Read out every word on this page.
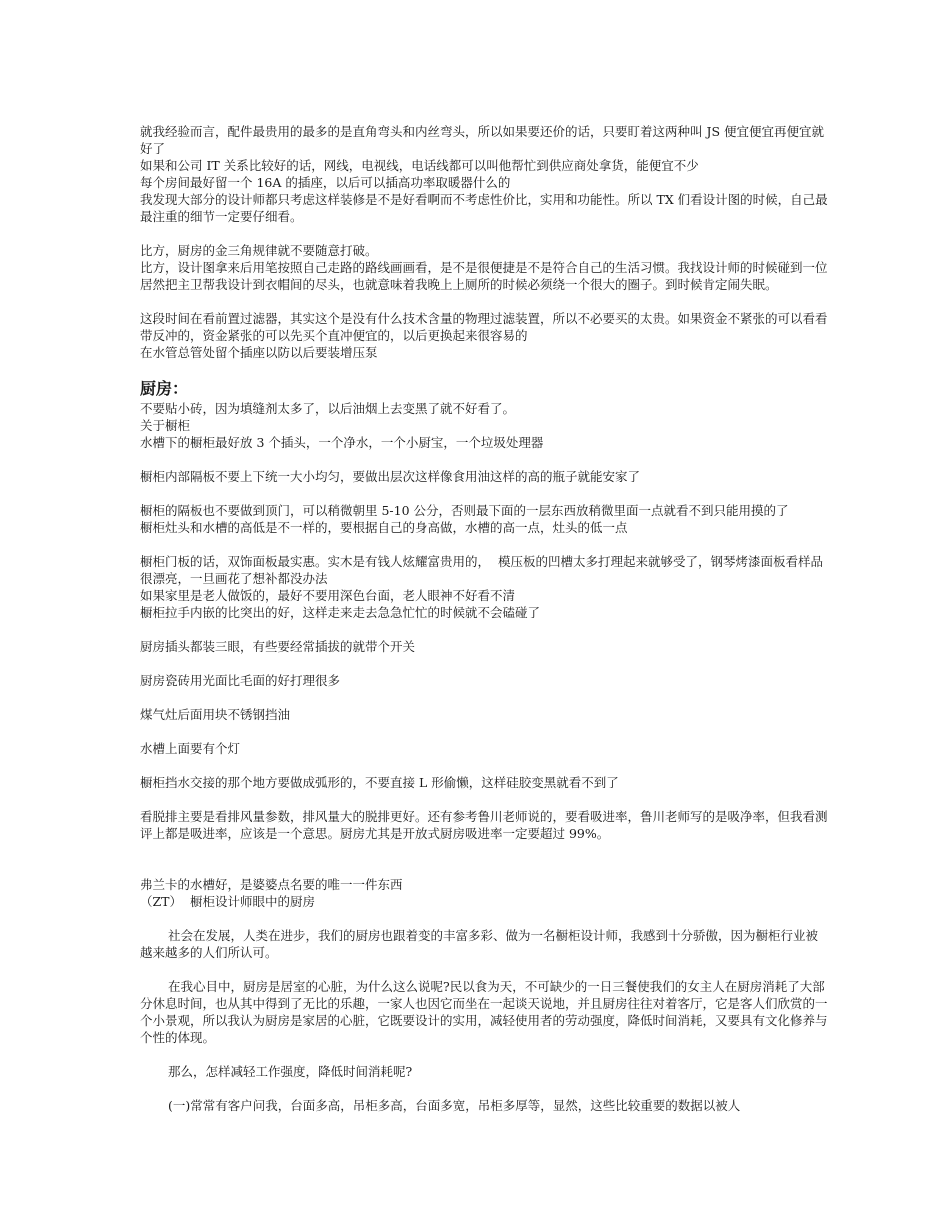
就我经验而言，配件最贵用的最多的是直角弯头和内丝弯头，所以如果要还价的话，只要盯着这两种叫 JS 便宜便宜再便宜就好了

如果和公司 IT 关系比较好的话，网线，电视线，电话线都可以叫他帮忙到供应商处拿货，能便宜不少

每个房间最好留一个 16A 的插座，以后可以插高功率取暖器什么的

我发现大部分的设计师都只考虑这样装修是不是好看啊而不考虑性价比，实用和功能性。所以 TX 们看设计图的时候，自己最最注重的细节一定要仔细看。

比方，厨房的金三角规律就不要随意打破。

比方，设计图拿来后用笔按照自己走路的路线画画看，是不是很便捷是不是符合自己的生活习惯。我找设计师的时候碰到一位居然把主卫帮我设计到衣帽间的尽头，也就意味着我晚上上厕所的时候必须绕一个很大的圈子。到时候肯定闹失眠。

这段时间在看前置过滤器，其实这个是没有什么技术含量的物理过滤装置，所以不必要买的太贵。如果资金不紧张的可以看看带反冲的，资金紧张的可以先买个直冲便宜的，以后更换起来很容易的

在水管总管处留个插座以防以后要装增压泵

厨房：

不要贴小砖，因为填缝剂太多了，以后油烟上去变黑了就不好看了。

关于橱柜

水槽下的橱柜最好放 3 个插头，一个净水，一个小厨宝，一个垃圾处理器

橱柜内部隔板不要上下统一大小均匀，要做出层次这样像食用油这样的高的瓶子就能安家了

橱柜的隔板也不要做到顶门，可以稍微朝里 5-10 公分，否则最下面的一层东西放稍微里面一点就看不到只能用摸的了

橱柜灶头和水槽的高低是不一样的，要根据自己的身高做，水槽的高一点，灶头的低一点

橱柜门板的话，双饰面板最实惠。实木是有钱人炫耀富贵用的，  模压板的凹槽太多打理起来就够受了，钢琴烤漆面板看样品很漂亮，一旦画花了想补都没办法

如果家里是老人做饭的，最好不要用深色台面，老人眼神不好看不清

橱柜拉手内嵌的比突出的好，这样走来走去急急忙忙的时候就不会磕碰了

厨房插头都装三眼，有些要经常插拔的就带个开关

厨房瓷砖用光面比毛面的好打理很多

煤气灶后面用块不锈钢挡油

水槽上面要有个灯

橱柜挡水交接的那个地方要做成弧形的，不要直接 L 形偷懒，这样硅胶变黑就看不到了

看脱排主要是看排风量参数，排风量大的脱排更好。还有参考鲁川老师说的，要看吸进率，鲁川老师写的是吸净率，但我看测评上都是吸进率，应该是一个意思。厨房尤其是开放式厨房吸进率一定要超过 99%。

弗兰卡的水槽好，是婆婆点名要的唯一一件东西

（ZT）  橱柜设计师眼中的厨房

社会在发展，人类在进步，我们的厨房也跟着变的丰富多彩、做为一名橱柜设计师，我感到十分骄傲，因为橱柜行业被越来越多的人们所认可。

在我心目中，厨房是居室的心脏，为什么这么说呢?民以食为天，不可缺少的一日三餐使我们的女主人在厨房消耗了大部分休息时间，也从其中得到了无比的乐趣，一家人也因它而坐在一起谈天说地，并且厨房往往对着客厅，它是客人们欣赏的一个小景观，所以我认为厨房是家居的心脏，它既要设计的实用，减轻使用者的劳动强度，降低时间消耗，又要具有文化修养与个性的体现。

那么，怎样减轻工作强度，降低时间消耗呢?

(一)常常有客户问我，台面多高，吊柜多高，台面多宽，吊柜多厚等，显然，这些比较重要的数据以被人
